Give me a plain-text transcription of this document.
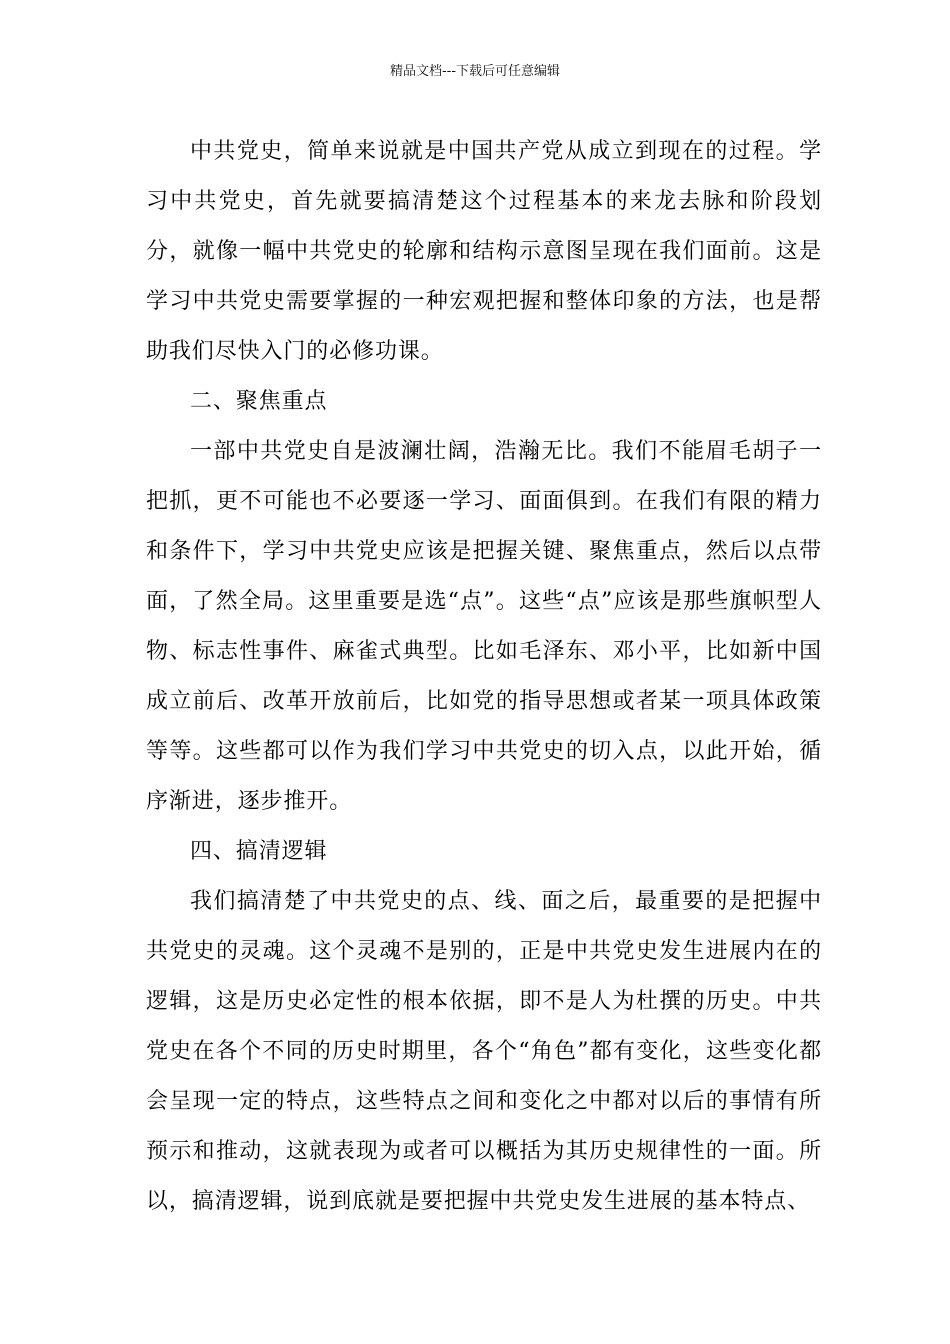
精品文档---下载后可任意编辑

中共党史，简单来说就是中国共产党从成立到现在的过程。学习中共党史，首先就要搞清楚这个过程基本的来龙去脉和阶段划分，就像一幅中共党史的轮廓和结构示意图呈现在我们面前。这是学习中共党史需要掌握的一种宏观把握和整体印象的方法，也是帮助我们尽快入门的必修功课。

二、聚焦重点

一部中共党史自是波澜壮阔，浩瀚无比。我们不能眉毛胡子一把抓，更不可能也不必要逐一学习、面面俱到。在我们有限的精力和条件下，学习中共党史应该是把握关键、聚焦重点，然后以点带面，了然全局。这里重要是选“点”。这些“点”应该是那些旗帜型人物、标志性事件、麻雀式典型。比如毛泽东、邓小平，比如新中国成立前后、改革开放前后，比如党的指导思想或者某一项具体政策等等。这些都可以作为我们学习中共党史的切入点，以此开始，循序渐进，逐步推开。

四、搞清逻辑

我们搞清楚了中共党史的点、线、面之后，最重要的是把握中共党史的灵魂。这个灵魂不是别的，正是中共党史发生进展内在的逻辑，这是历史必定性的根本依据，即不是人为杜撰的历史。中共党史在各个不同的历史时期里，各个“角色”都有变化，这些变化都会呈现一定的特点，这些特点之间和变化之中都对以后的事情有所预示和推动，这就表现为或者可以概括为其历史规律性的一面。所以，搞清逻辑，说到底就是要把握中共党史发生进展的基本特点、
